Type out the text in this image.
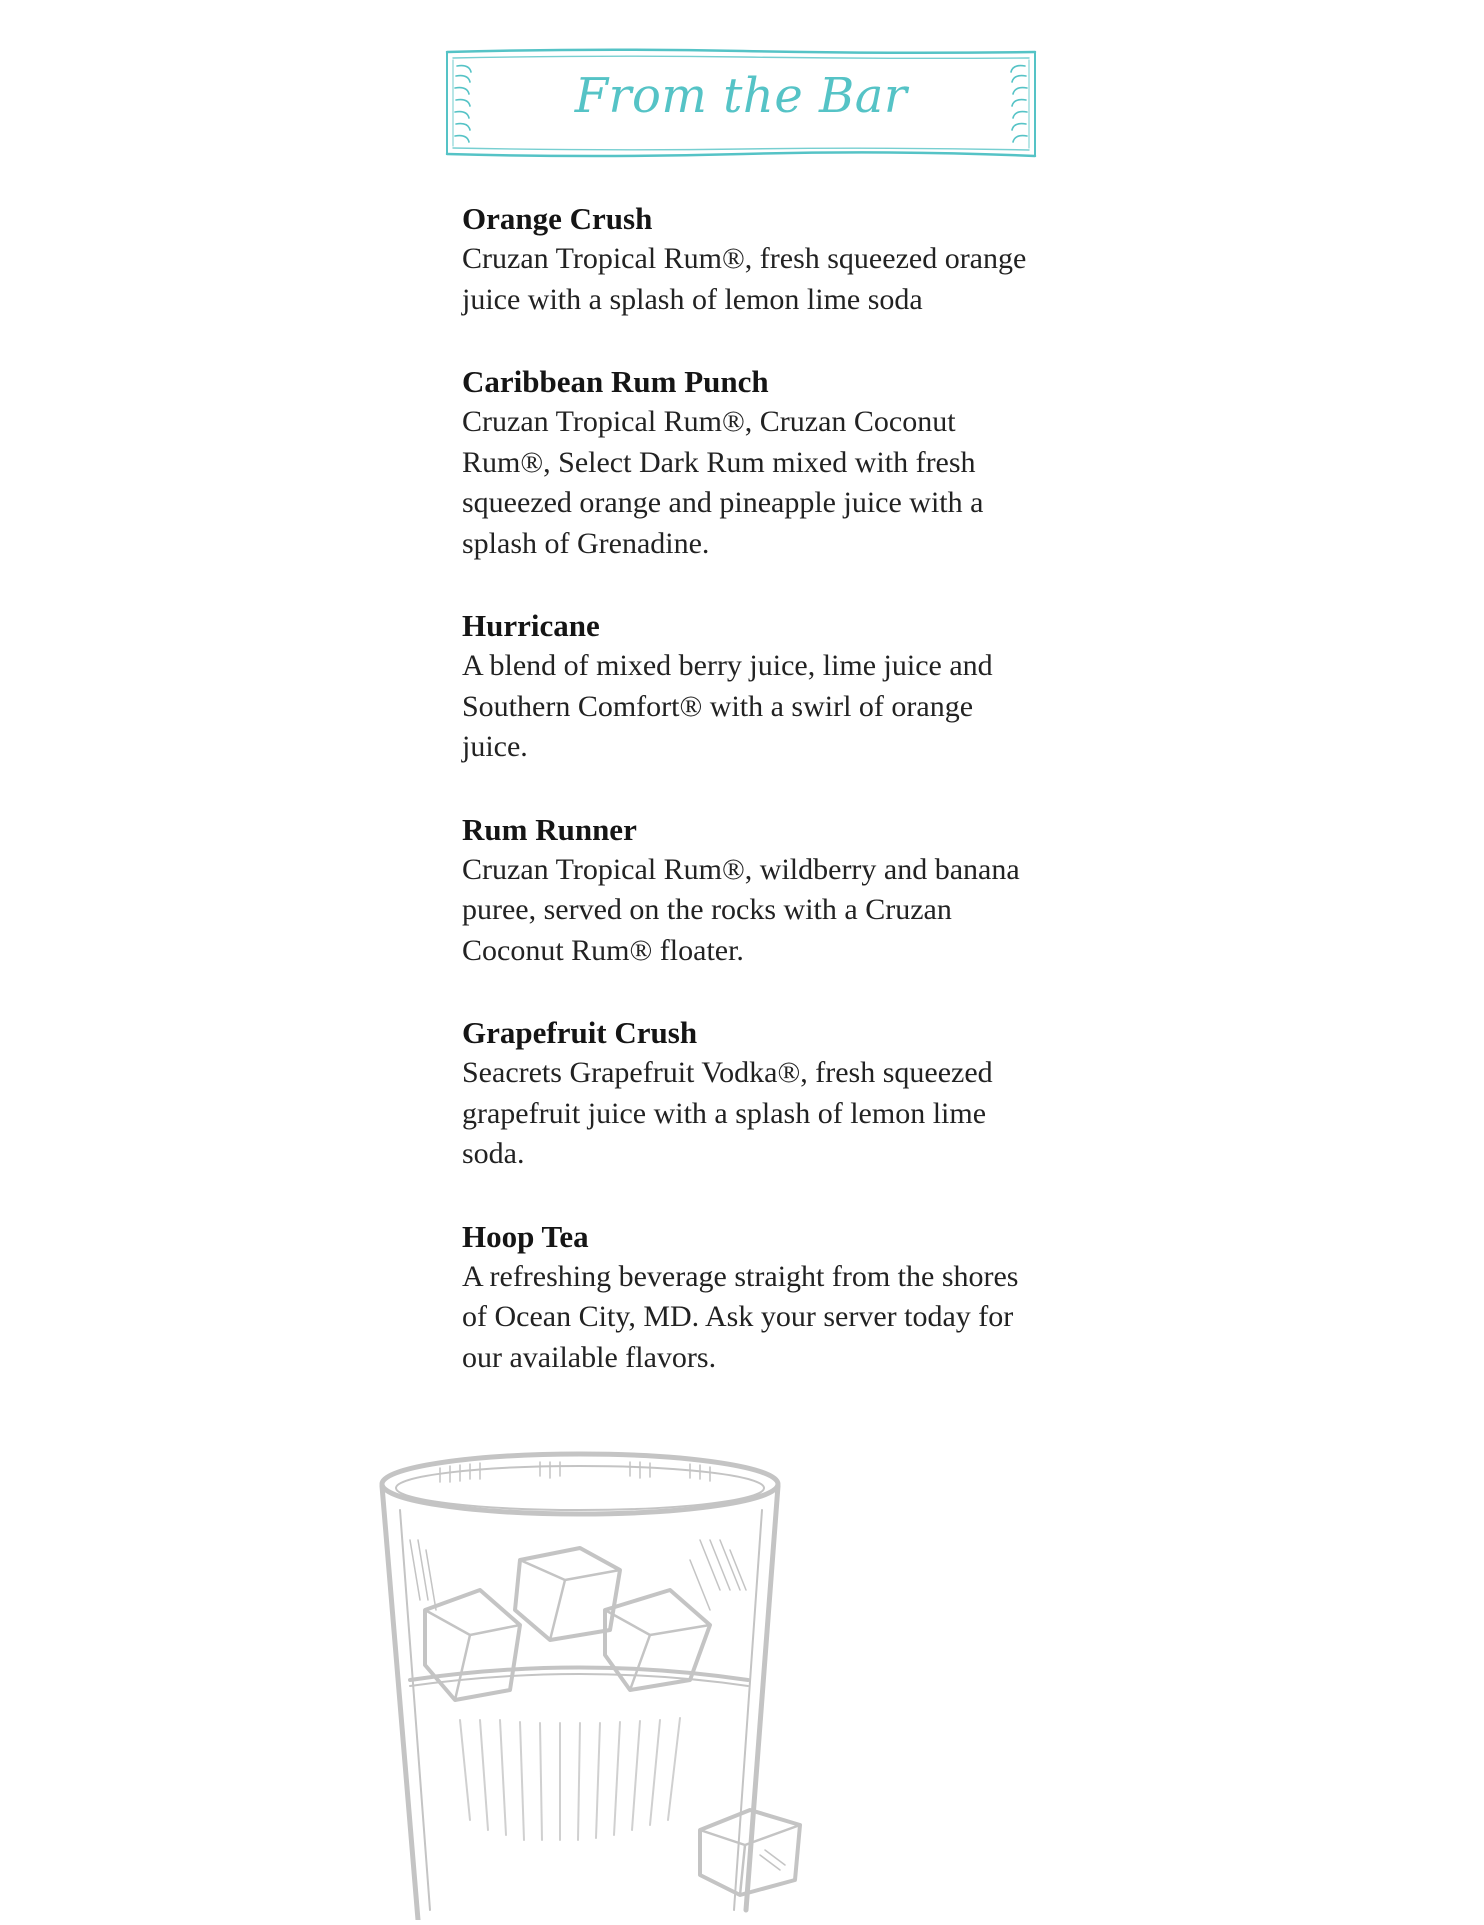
From the Bar
Orange Crush
Cruzan Tropical Rum®, fresh squeezed orange juice with a splash of lemon lime soda
Caribbean Rum Punch
Cruzan Tropical Rum®, Cruzan Coconut Rum®, Select Dark Rum mixed with fresh squeezed orange and pineapple juice with a splash of Grenadine.
Hurricane
A blend of mixed berry juice, lime juice and Southern Comfort® with a swirl of orange juice.
Rum Runner
Cruzan Tropical Rum®, wildberry and banana puree, served on the rocks with a Cruzan Coconut Rum® floater.
Grapefruit Crush
Seacrets Grapefruit Vodka®, fresh squeezed grapefruit juice with a splash of lemon lime soda.
Hoop Tea
A refreshing beverage straight from the shores of Ocean City, MD. Ask your server today for our available flavors.
